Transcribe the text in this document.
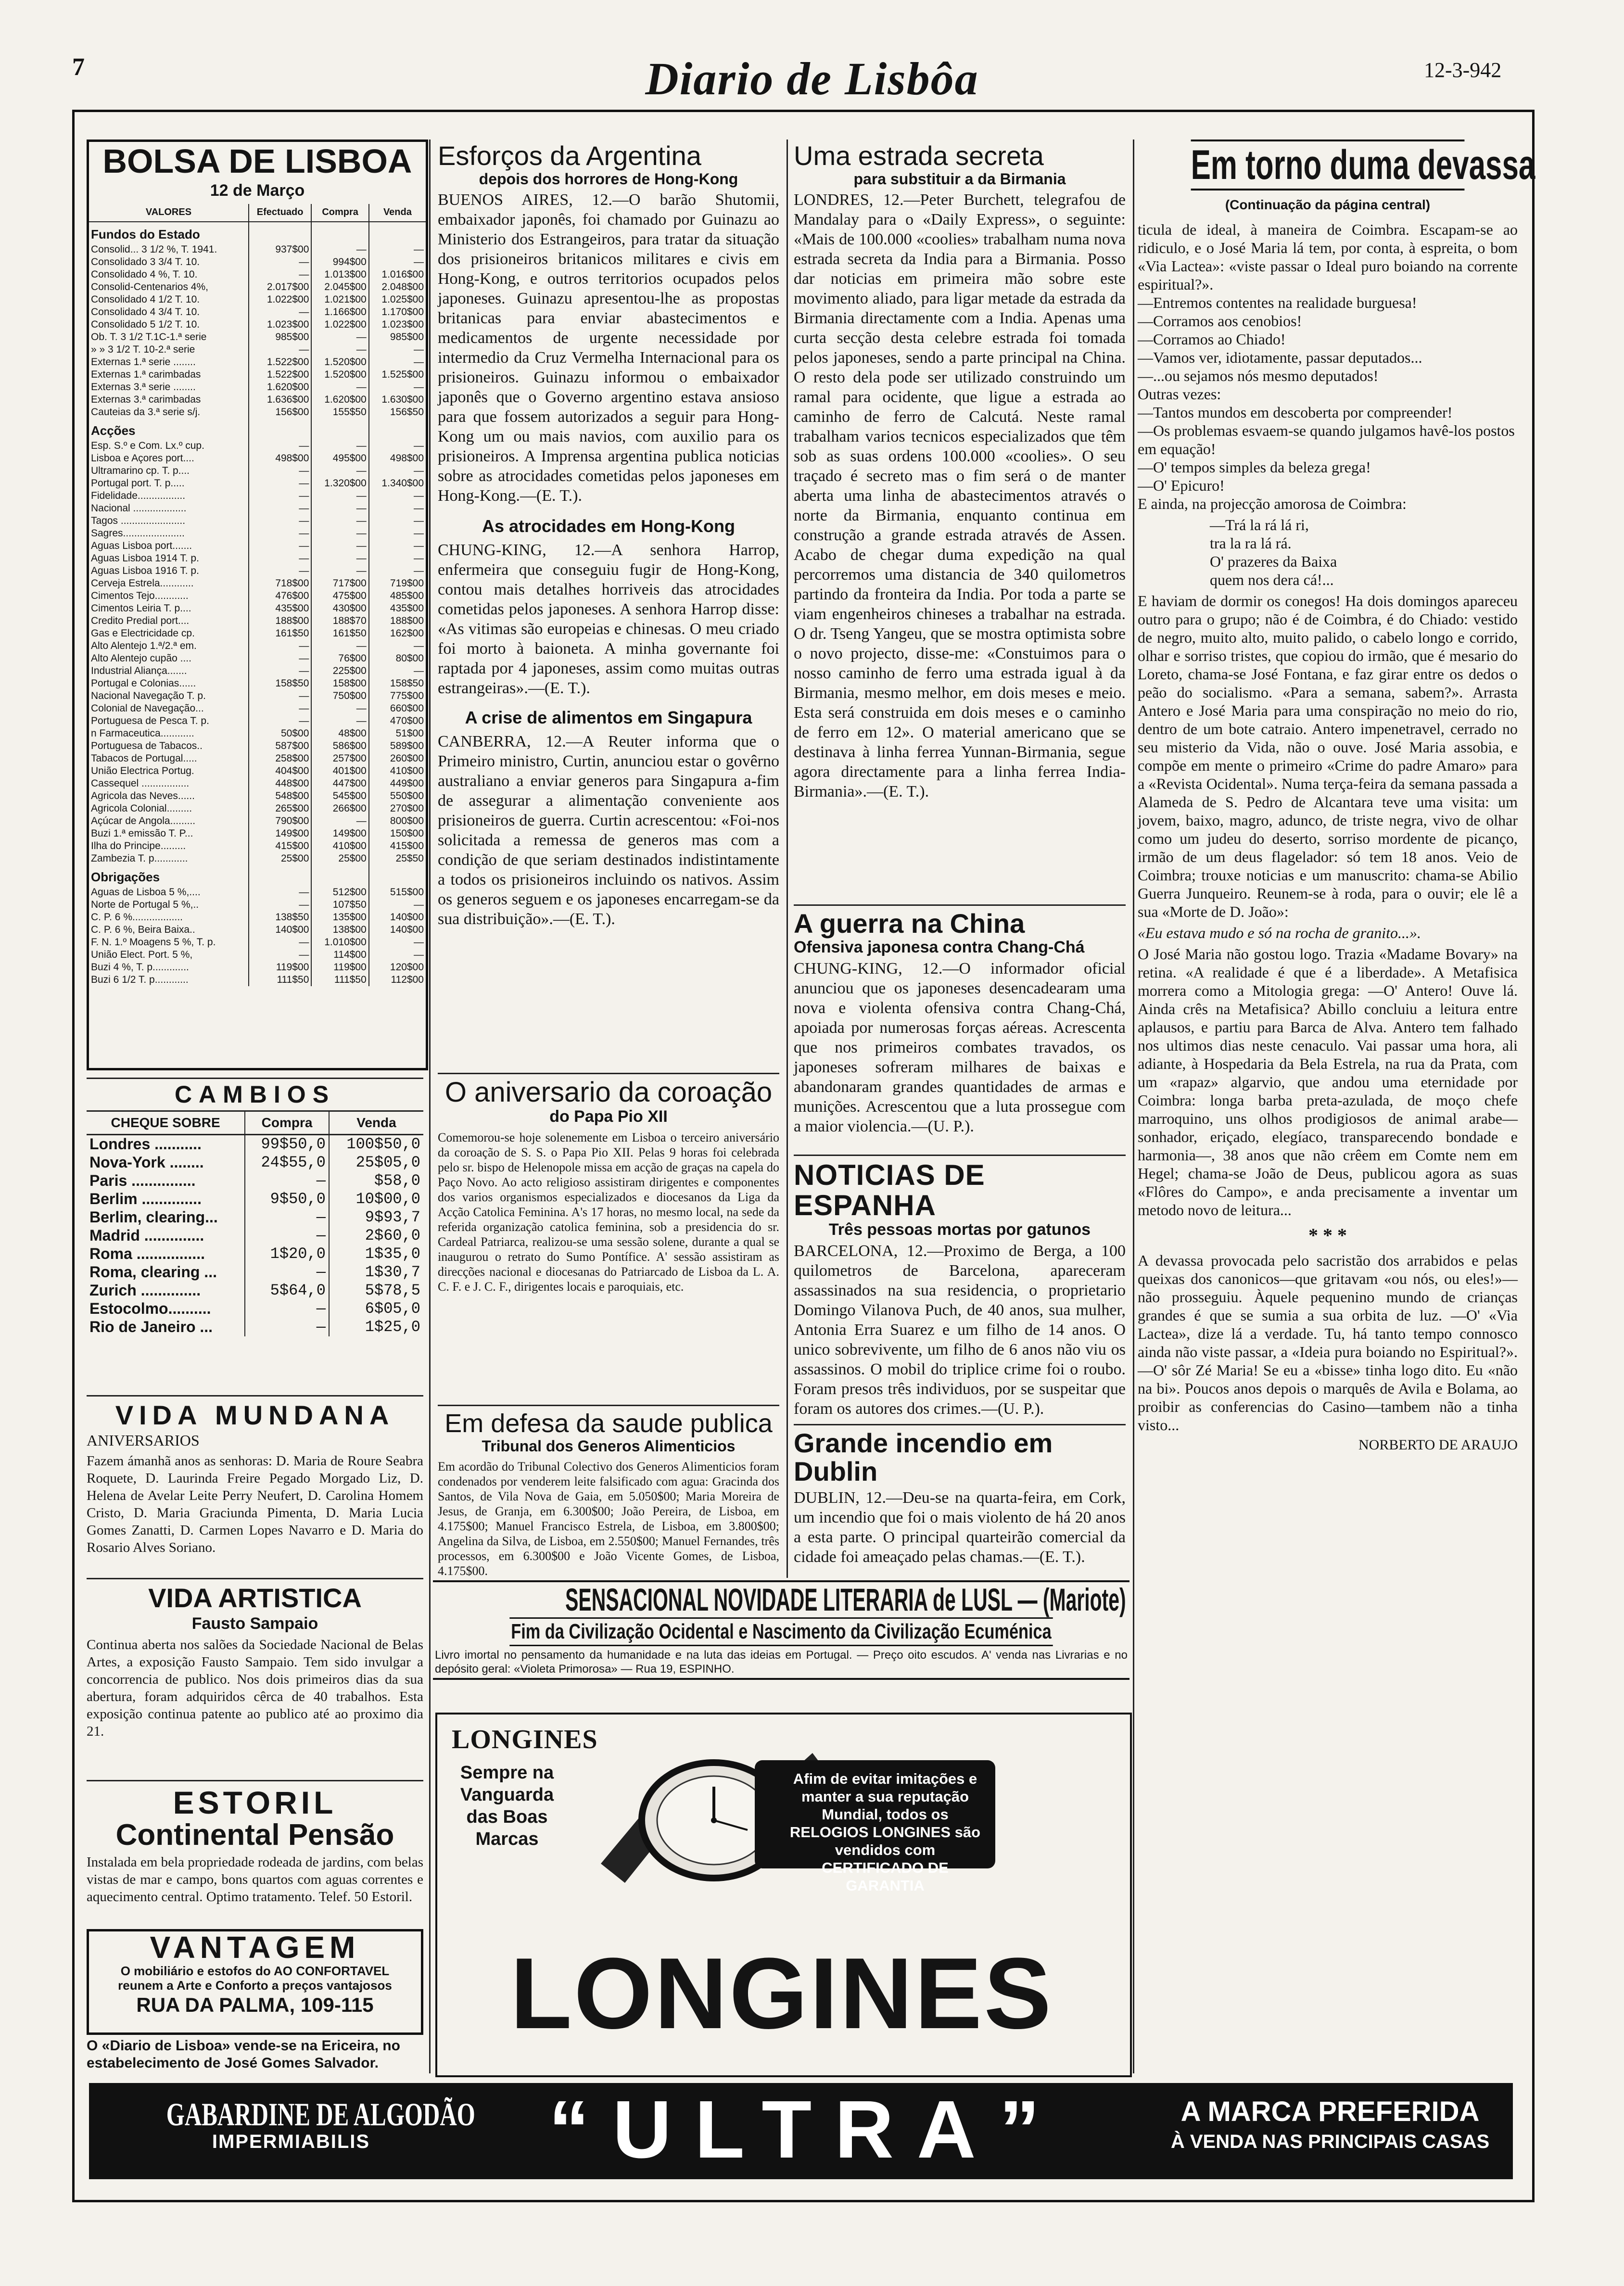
7	Diario de Lisbôa	12-3-942
BOLSA DE LISBOA
12 de Março
VALORES	Efectuado	Compra	Venda
Fundos do Estado			
Consolid... 3 1/2 %, T. 1941.	937$00	—	—
Consolidado 3 3/4 T. 10.	—	994$00	—
Consolidado 4 %, T. 10.	—	1.013$00	1.016$00
Consolid-Centenarios 4%,	2.017$00	2.045$00	2.048$00
Consolidado 4 1/2 T. 10.	1.022$00	1.021$00	1.025$00
Consolidado 4 3/4 T. 10.	—	1.166$00	1.170$00
Consolidado 5 1/2 T. 10.	1.023$00	1.022$00	1.023$00
Ob. T. 3 1/2 T.1C-1.ª serie	985$00	—	985$00
» » 3 1/2 T. 10-2.ª serie	—	—	—
Externas 1.ª serie ........	1.522$00	1.520$00	—
Externas 1.ª carimbadas	1.522$00	1.520$00	1.525$00
Externas 3.ª serie ........	1.620$00	—	—
Externas 3.ª carimbadas	1.636$00	1.620$00	1.630$00
Cauteias da 3.ª serie s/j.	156$00	155$50	156$50
Acções			
Esp. S.º e Com. Lx.º cup.	—	—	—
Lisboa e Açores port....	498$00	495$00	498$00
Ultramarino cp. T. p....	—	—	—
Portugal port. T. p.....	—	1.320$00	1.340$00
Fidelidade.................	—	—	—
Nacional ...................	—	—	—
Tagos .......................	—	—	—
Sagres......................	—	—	—
Aguas Lisboa port.......	—	—	—
Aguas Lisboa 1914 T. p.	—	—	—
Aguas Lisboa 1916 T. p.	—	—	—
Cerveja Estrela............	718$00	717$00	719$00
Cimentos Tejo............	476$00	475$00	485$00
Cimentos Leiria T. p....	435$00	430$00	435$00
Credito Predial port....	188$00	188$70	188$00
Gas e Electricidade cp.	161$50	161$50	162$00
Alto Alentejo 1.ª/2.ª em.	—	—	—
Alto Alentejo cupão ....	—	76$00	80$00
Industrial Aliança.......	—	225$00	—
Portugal e Colonias......	158$50	158$00	158$50
Nacional Navegação T. p.	—	750$00	775$00
Colonial de Navegação...	—	—	660$00
Portuguesa de Pesca T. p.	—	—	470$00
n Farmaceutica............	50$00	48$00	51$00
Portuguesa de Tabacos..	587$00	586$00	589$00
Tabacos de Portugal.....	258$00	257$00	260$00
União Electrica Portug.	404$00	401$00	410$00
Cassequel .................	448$00	447$00	449$00
Agricola das Neves......	548$00	545$00	550$00
Agricola Colonial.........	265$00	266$00	270$00
Açúcar de Angola.........	790$00	—	800$00
Buzi 1.ª emissão T. P...	149$00	149$00	150$00
Ilha do Principe.........	415$00	410$00	415$00
Zambezia T. p............	25$00	25$00	25$50
Obrigações			
Aguas de Lisboa 5 %,....	—	512$00	515$00
Norte de Portugal 5 %,..	—	107$50	—
C. P. 6 %..................	138$50	135$00	140$00
C. P. 6 %, Beira Baixa..	140$00	138$00	140$00
F. N. 1.º Moagens 5 %, T. p.	—	1.010$00	—
União Elect. Port. 5 %,	—	114$00	—
Buzi 4 %, T. p.............	119$00	119$00	120$00
Buzi 6 1/2 T. p............	111$50	111$50	112$00
CAMBIOS
CHEQUE SOBRE	Compra	Venda
Londres ...........	99$50,0	100$50,0
Nova-York ........	24$55,0	25$05,0
Paris ...............	—	$58,0
Berlim ..............	9$50,0	10$00,0
Berlim, clearing...	—	9$93,7
Madrid ..............	—	2$60,0
Roma ................	1$20,0	1$35,0
Roma, clearing ...	—	1$30,7
Zurich ..............	5$64,0	5$78,5
Estocolmo..........	—	6$05,0
Rio de Janeiro ...	—	1$25,0
VIDA MUNDANA
ANIVERSARIOS
Fazem ámanhã anos as senhoras: D. Maria de Roure Seabra Roquete, D. Laurinda Freire Pegado Morgado Liz, D. Helena de Avelar Leite Perry Neufert, D. Carolina Homem Cristo, D. Maria Graciunda Pimenta, D. Maria Lucia Gomes Zanatti, D. Carmen Lopes Navarro e D. Maria do Rosario Alves Soriano.
VIDA ARTISTICA
Fausto Sampaio
Continua aberta nos salões da Sociedade Nacional de Belas Artes, a exposição Fausto Sampaio. Tem sido invulgar a concorrencia de publico. Nos dois primeiros dias da sua abertura, foram adquiridos cêrca de 40 trabalhos. Esta exposição continua patente ao publico até ao proximo dia 21.
ESTORIL
Continental Pensão
Instalada em bela propriedade rodeada de jardins, com belas vistas de mar e campo, bons quartos com aguas correntes e aquecimento central. Optimo tratamento. Telef. 50 Estoril.
VANTAGEM
O mobiliário e estofos do AO CONFORTAVEL reunem a Arte e Conforto a preços vantajosos
RUA DA PALMA, 109-115
O «Diario de Lisboa» vende-se na Ericeira, no estabelecimento de José Gomes Salvador.
Esforços da Argentina
depois dos horrores de Hong-Kong
BUENOS AIRES, 12.—O barão Shutomii, embaixador japonês, foi chamado por Guinazu ao Ministerio dos Estrangeiros, para tratar da situação dos prisioneiros britanicos militares e civis em Hong-Kong, e outros territorios ocupados pelos japoneses. Guinazu apresentou-lhe as propostas britanicas para enviar abastecimentos e medicamentos de urgente necessidade por intermedio da Cruz Vermelha Internacional para os prisioneiros. Guinazu informou o embaixador japonês que o Governo argentino estava ansioso para que fossem autorizados a seguir para Hong-Kong um ou mais navios, com auxilio para os prisioneiros. A Imprensa argentina publica noticias sobre as atrocidades cometidas pelos japoneses em Hong-Kong.—(E. T.).
As atrocidades em Hong-Kong
CHUNG-KING, 12.—A senhora Harrop, enfermeira que conseguiu fugir de Hong-Kong, contou mais detalhes horriveis das atrocidades cometidas pelos japoneses. A senhora Harrop disse: «As vitimas são europeias e chinesas. O meu criado foi morto à baioneta. A minha governante foi raptada por 4 japoneses, assim como muitas outras estrangeiras».—(E. T.).
A crise de alimentos em Singapura
CANBERRA, 12.—A Reuter informa que o Primeiro ministro, Curtin, anunciou estar o govêrno australiano a enviar generos para Singapura a-fim de assegurar a alimentação conveniente aos prisioneiros de guerra. Curtin acrescentou: «Foi-nos solicitada a remessa de generos mas com a condição de que seriam destinados indistintamente a todos os prisioneiros incluindo os nativos. Assim os generos seguem e os japoneses encarregam-se da sua distribuição».—(E. T.).
O aniversario da coroação
do Papa Pio XII
Comemorou-se hoje solenemente em Lisboa o terceiro aniversário da coroação de S. S. o Papa Pio XII. Pelas 9 horas foi celebrada pelo sr. bispo de Helenopole missa em acção de graças na capela do Paço Novo. Ao acto religioso assistiram dirigentes e componentes dos varios organismos especializados e diocesanos da Liga da Acção Catolica Feminina. A's 17 horas, no mesmo local, na sede da referida organização catolica feminina, sob a presidencia do sr. Cardeal Patriarca, realizou-se uma sessão solene, durante a qual se inaugurou o retrato do Sumo Pontífice. A' sessão assistiram as direcções nacional e diocesanas do Patriarcado de Lisboa da L. A. C. F. e J. C. F., dirigentes locais e paroquiais, etc.
Em defesa da saude publica
Tribunal dos Generos Alimenticios
Em acordão do Tribunal Colectivo dos Generos Alimenticios foram condenados por venderem leite falsificado com agua: Gracinda dos Santos, de Vila Nova de Gaia, em 5.050$00; Maria Moreira de Jesus, de Granja, em 6.300$00; João Pereira, de Lisboa, em 4.175$00; Manuel Francisco Estrela, de Lisboa, em 3.800$00; Angelina da Silva, de Lisboa, em 2.550$00; Manuel Fernandes, três processos, em 6.300$00 e João Vicente Gomes, de Lisboa, 4.175$00.
Uma estrada secreta
para substituir a da Birmania
LONDRES, 12.—Peter Burchett, telegrafou de Mandalay para o «Daily Express», o seguinte: «Mais de 100.000 «coolies» trabalham numa nova estrada secreta da India para a Birmania. Posso dar noticias em primeira mão sobre este movimento aliado, para ligar metade da estrada da Birmania directamente com a India. Apenas uma curta secção desta celebre estrada foi tomada pelos japoneses, sendo a parte principal na China. O resto dela pode ser utilizado construindo um ramal para ocidente, que ligue a estrada ao caminho de ferro de Calcutá. Neste ramal trabalham varios tecnicos especializados que têm sob as suas ordens 100.000 «coolies». O seu traçado é secreto mas o fim será o de manter aberta uma linha de abastecimentos através o norte da Birmania, enquanto continua em construção a grande estrada através de Assen. Acabo de chegar duma expedição na qual percorremos uma distancia de 340 quilometros partindo da fronteira da India. Por toda a parte se viam engenheiros chineses a trabalhar na estrada. O dr. Tseng Yangeu, que se mostra optimista sobre o novo projecto, disse-me: «Constuimos para o nosso caminho de ferro uma estrada igual à da Birmania, mesmo melhor, em dois meses e meio. Esta será construida em dois meses e o caminho de ferro em 12». O material americano que se destinava à linha ferrea Yunnan-Birmania, segue agora directamente para a linha ferrea India-Birmania».—(E. T.).
A guerra na China
Ofensiva japonesa contra Chang-Chá
CHUNG-KING, 12.—O informador oficial anunciou que os japoneses desencadearam uma nova e violenta ofensiva contra Chang-Chá, apoiada por numerosas forças aéreas. Acrescenta que nos primeiros combates travados, os japoneses sofreram milhares de baixas e abandonaram grandes quantidades de armas e munições. Acrescentou que a luta prossegue com a maior violencia.—(U. P.).
NOTICIAS DE ESPANHA
Três pessoas mortas por gatunos
BARCELONA, 12.—Proximo de Berga, a 100 quilometros de Barcelona, apareceram assassinados na sua residencia, o proprietario Domingo Vilanova Puch, de 40 anos, sua mulher, Antonia Erra Suarez e um filho de 14 anos. O unico sobrevivente, um filho de 6 anos não viu os assassinos. O mobil do triplice crime foi o roubo. Foram presos três individuos, por se suspeitar que foram os autores dos crimes.—(U. P.).
Grande incendio em Dublin
DUBLIN, 12.—Deu-se na quarta-feira, em Cork, um incendio que foi o mais violento de há 20 anos a esta parte. O principal quarteirão comercial da cidade foi ameaçado pelas chamas.—(E. T.).
Em torno duma devassa
(Continuação da página central)
ticula de ideal, à maneira de Coimbra. Escapam-se ao ridiculo, e o José Maria lá tem, por conta, à espreita, o bom «Via Lactea»: «viste passar o Ideal puro boiando na corrente espiritual?».
—Entremos contentes na realidade burguesa!
—Corramos aos cenobios!
—Corramos ao Chiado!
—Vamos ver, idiotamente, passar deputados...
—...ou sejamos nós mesmo deputados!
Outras vezes:
—Tantos mundos em descoberta por compreender!
—Os problemas esvaem-se quando julgamos havê-los postos em equação!
—O' tempos simples da beleza grega!
—O' Epicuro!
E ainda, na projecção amorosa de Coimbra:
—Trá la rá lá ri,
tra la ra lá rá.
O' prazeres da Baixa
quem nos dera cá!...
E haviam de dormir os conegos! Ha dois domingos apareceu outro para o grupo; não é de Coimbra, é do Chiado: vestido de negro, muito alto, muito palido, o cabelo longo e corrido, olhar e sorriso tristes, que copiou do irmão, que é mesario do Loreto, chama-se José Fontana, e faz girar entre os dedos o peão do socialismo. «Para a semana, sabem?». Arrasta Antero e José Maria para uma conspiração no meio do rio, dentro de um bote catraio. Antero impenetravel, cerrado no seu misterio da Vida, não o ouve. José Maria assobia, e compõe em mente o primeiro «Crime do padre Amaro» para a «Revista Ocidental». Numa terça-feira da semana passada a Alameda de S. Pedro de Alcantara teve uma visita: um jovem, baixo, magro, adunco, de triste negra, vivo de olhar como um judeu do deserto, sorriso mordente de picanço, irmão de um deus flagelador: só tem 18 anos. Veio de Coimbra; trouxe noticias e um manuscrito: chama-se Abilio Guerra Junqueiro. Reunem-se à roda, para o ouvir; ele lê a sua «Morte de D. João»:
«Eu estava mudo e só na rocha de granito...».
O José Maria não gostou logo. Trazia «Madame Bovary» na retina. «A realidade é que é a liberdade». A Metafisica morrera como a Mitologia grega: —O' Antero! Ouve lá. Ainda crês na Metafisica? Abillo concluiu a leitura entre aplausos, e partiu para Barca de Alva. Antero tem falhado nos ultimos dias neste cenaculo. Vai passar uma hora, ali adiante, à Hospedaria da Bela Estrela, na rua da Prata, com um «rapaz» algarvio, que andou uma eternidade por Coimbra: longa barba preta-azulada, de moço chefe marroquino, uns olhos prodigiosos de animal arabe—sonhador, eriçado, elegíaco, transparecendo bondade e harmonia—, 38 anos que não crêem em Comte nem em Hegel; chama-se João de Deus, publicou agora as suas «Flôres do Campo», e anda precisamente a inventar um metodo novo de leitura...
* * *
A devassa provocada pelo sacristão dos arrabidos e pelas queixas dos canonicos—que gritavam «ou nós, ou eles!»—não prosseguiu. Àquele pequenino mundo de crianças grandes é que se sumia a sua orbita de luz. —O' «Via Lactea», dize lá a verdade. Tu, há tanto tempo connosco ainda não viste passar, a «Ideia pura boiando no Espiritual?». —O' sôr Zé Maria! Se eu a «bisse» tinha logo dito. Eu «não na bi». Poucos anos depois o marquês de Avila e Bolama, ao proibir as conferencias do Casino—tambem não a tinha visto...
NORBERTO DE ARAUJO
SENSACIONAL NOVIDADE LITERARIA de LUSL — (Mariote)
Fim da Civilização Ocidental e Nascimento da Civilização Ecuménica
Livro imortal no pensamento da humanidade e na luta das ideias em Portugal. — Preço oito escudos. A' venda nas Livrarias e no depósito geral: «Violeta Primorosa» — Rua 19, ESPINHO.
LONGINES
Sempre na Vanguarda das Boas Marcas
Afim de evitar imitações e manter a sua reputação Mundial, todos os RELOGIOS LONGINES são vendidos com CERTIFICADO DE GARANTIA
LONGINES
GABARDINE DE ALGODÃO
IMPERMIABILIS	“ULTRA”	A MARCA PREFERIDA
À VENDA NAS PRINCIPAIS CASAS
